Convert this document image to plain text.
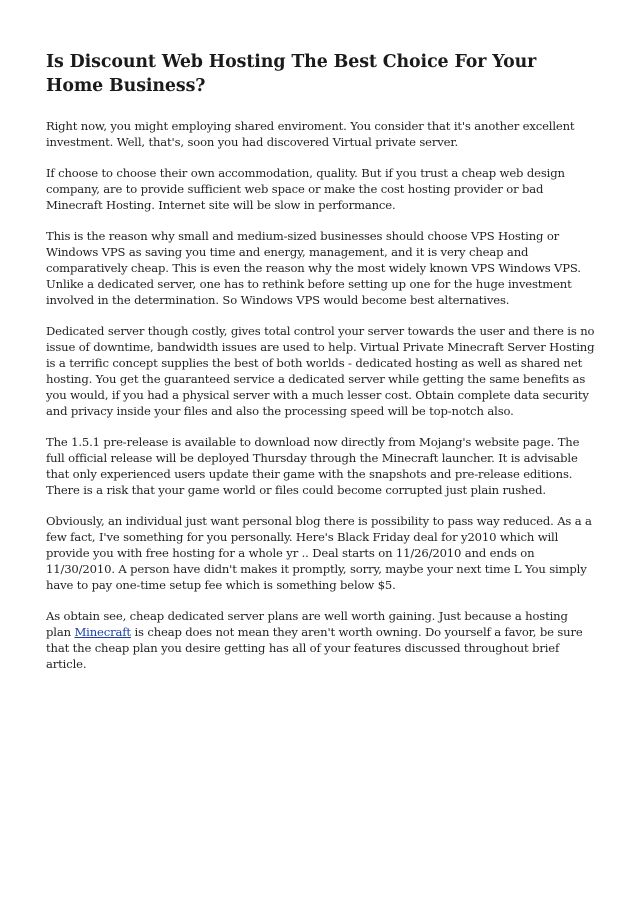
Is Discount Web Hosting The Best Choice For Your Home Business?

Right now, you might employing shared enviroment. You consider that it's another excellent investment. Well, that's, soon you had discovered Virtual private server.

If choose to choose their own accommodation, quality. But if you trust a cheap web design company, are to provide sufficient web space or make the cost hosting provider or bad Minecraft Hosting. Internet site will be slow in performance.

This is the reason why small and medium-sized businesses should choose VPS Hosting or Windows VPS as saving you time and energy, management, and it is very cheap and comparatively cheap. This is even the reason why the most widely known VPS Windows VPS. Unlike a dedicated server, one has to rethink before setting up one for the huge investment involved in the determination. So Windows VPS would become best alternatives.

Dedicated server though costly, gives total control your server towards the user and there is no issue of downtime, bandwidth issues are used to help. Virtual Private Minecraft Server Hosting is a terrific concept supplies the best of both worlds - dedicated hosting as well as shared net hosting. You get the guaranteed service a dedicated server while getting the same benefits as you would, if you had a physical server with a much lesser cost. Obtain complete data security and privacy inside your files and also the processing speed will be top-notch also.

The 1.5.1 pre-release is available to download now directly from Mojang's website page. The full official release will be deployed Thursday through the Minecraft launcher. It is advisable that only experienced users update their game with the snapshots and pre-release editions. There is a risk that your game world or files could become corrupted just plain rushed.

Obviously, an individual just want personal blog there is possibility to pass way reduced. As a a few fact, I've something for you personally. Here's Black Friday deal for y2010 which will provide you with free hosting for a whole yr .. Deal starts on 11/26/2010 and ends on 11/30/2010. A person have didn't makes it promptly, sorry, maybe your next time L You simply have to pay one-time setup fee which is something below $5.

As obtain see, cheap dedicated server plans are well worth gaining. Just because a hosting plan Minecraft is cheap does not mean they aren't worth owning. Do yourself a favor, be sure that the cheap plan you desire getting has all of your features discussed throughout brief article.
